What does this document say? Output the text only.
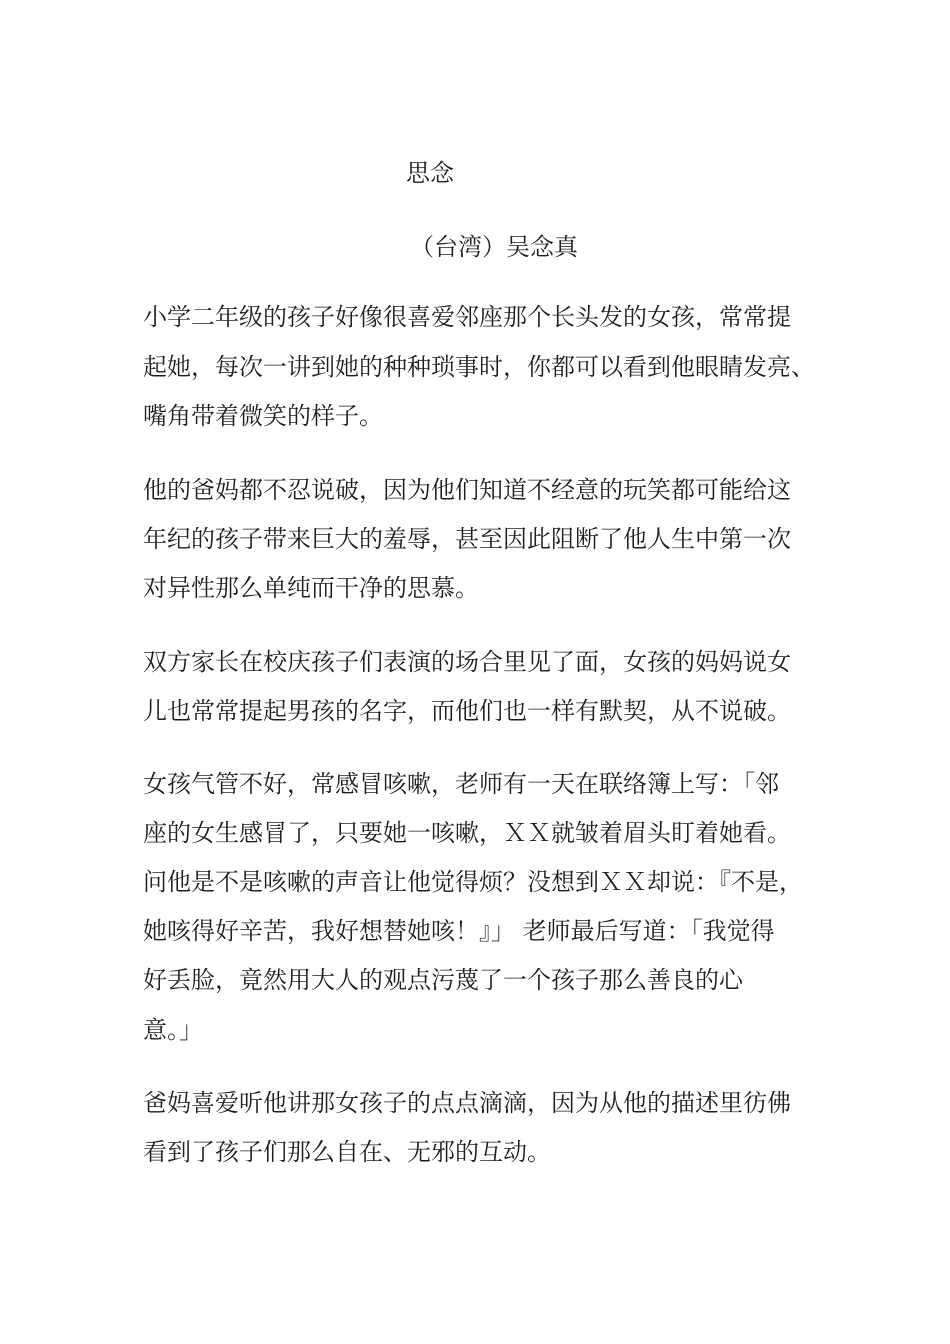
思念
（台湾）吴念真
小学二年级的孩子好像很喜爱邻座那个长头发的女孩，常常提
起她，每次一讲到她的种种琐事时，你都可以看到他眼睛发亮、
嘴角带着微笑的样子。
他的爸妈都不忍说破，因为他们知道不经意的玩笑都可能给这
年纪的孩子带来巨大的羞辱，甚至因此阻断了他人生中第一次
对异性那么单纯而干净的思慕。
双方家长在校庆孩子们表演的场合里见了面，女孩的妈妈说女
儿也常常提起男孩的名字，而他们也一样有默契，从不说破。
女孩气管不好，常感冒咳嗽，老师有一天在联络簿上写：「邻
座的女生感冒了，只要她一咳嗽，ＸＸ就皱着眉头盯着她看。
问他是不是咳嗽的声音让他觉得烦？没想到ＸＸ却说：『不是，
她咳得好辛苦，我好想替她咳！』」 老师最后写道：「我觉得
好丢脸，竟然用大人的观点污蔑了一个孩子那么善良的心
意。」
爸妈喜爱听他讲那女孩子的点点滴滴，因为从他的描述里彷佛
看到了孩子们那么自在、无邪的互动。
